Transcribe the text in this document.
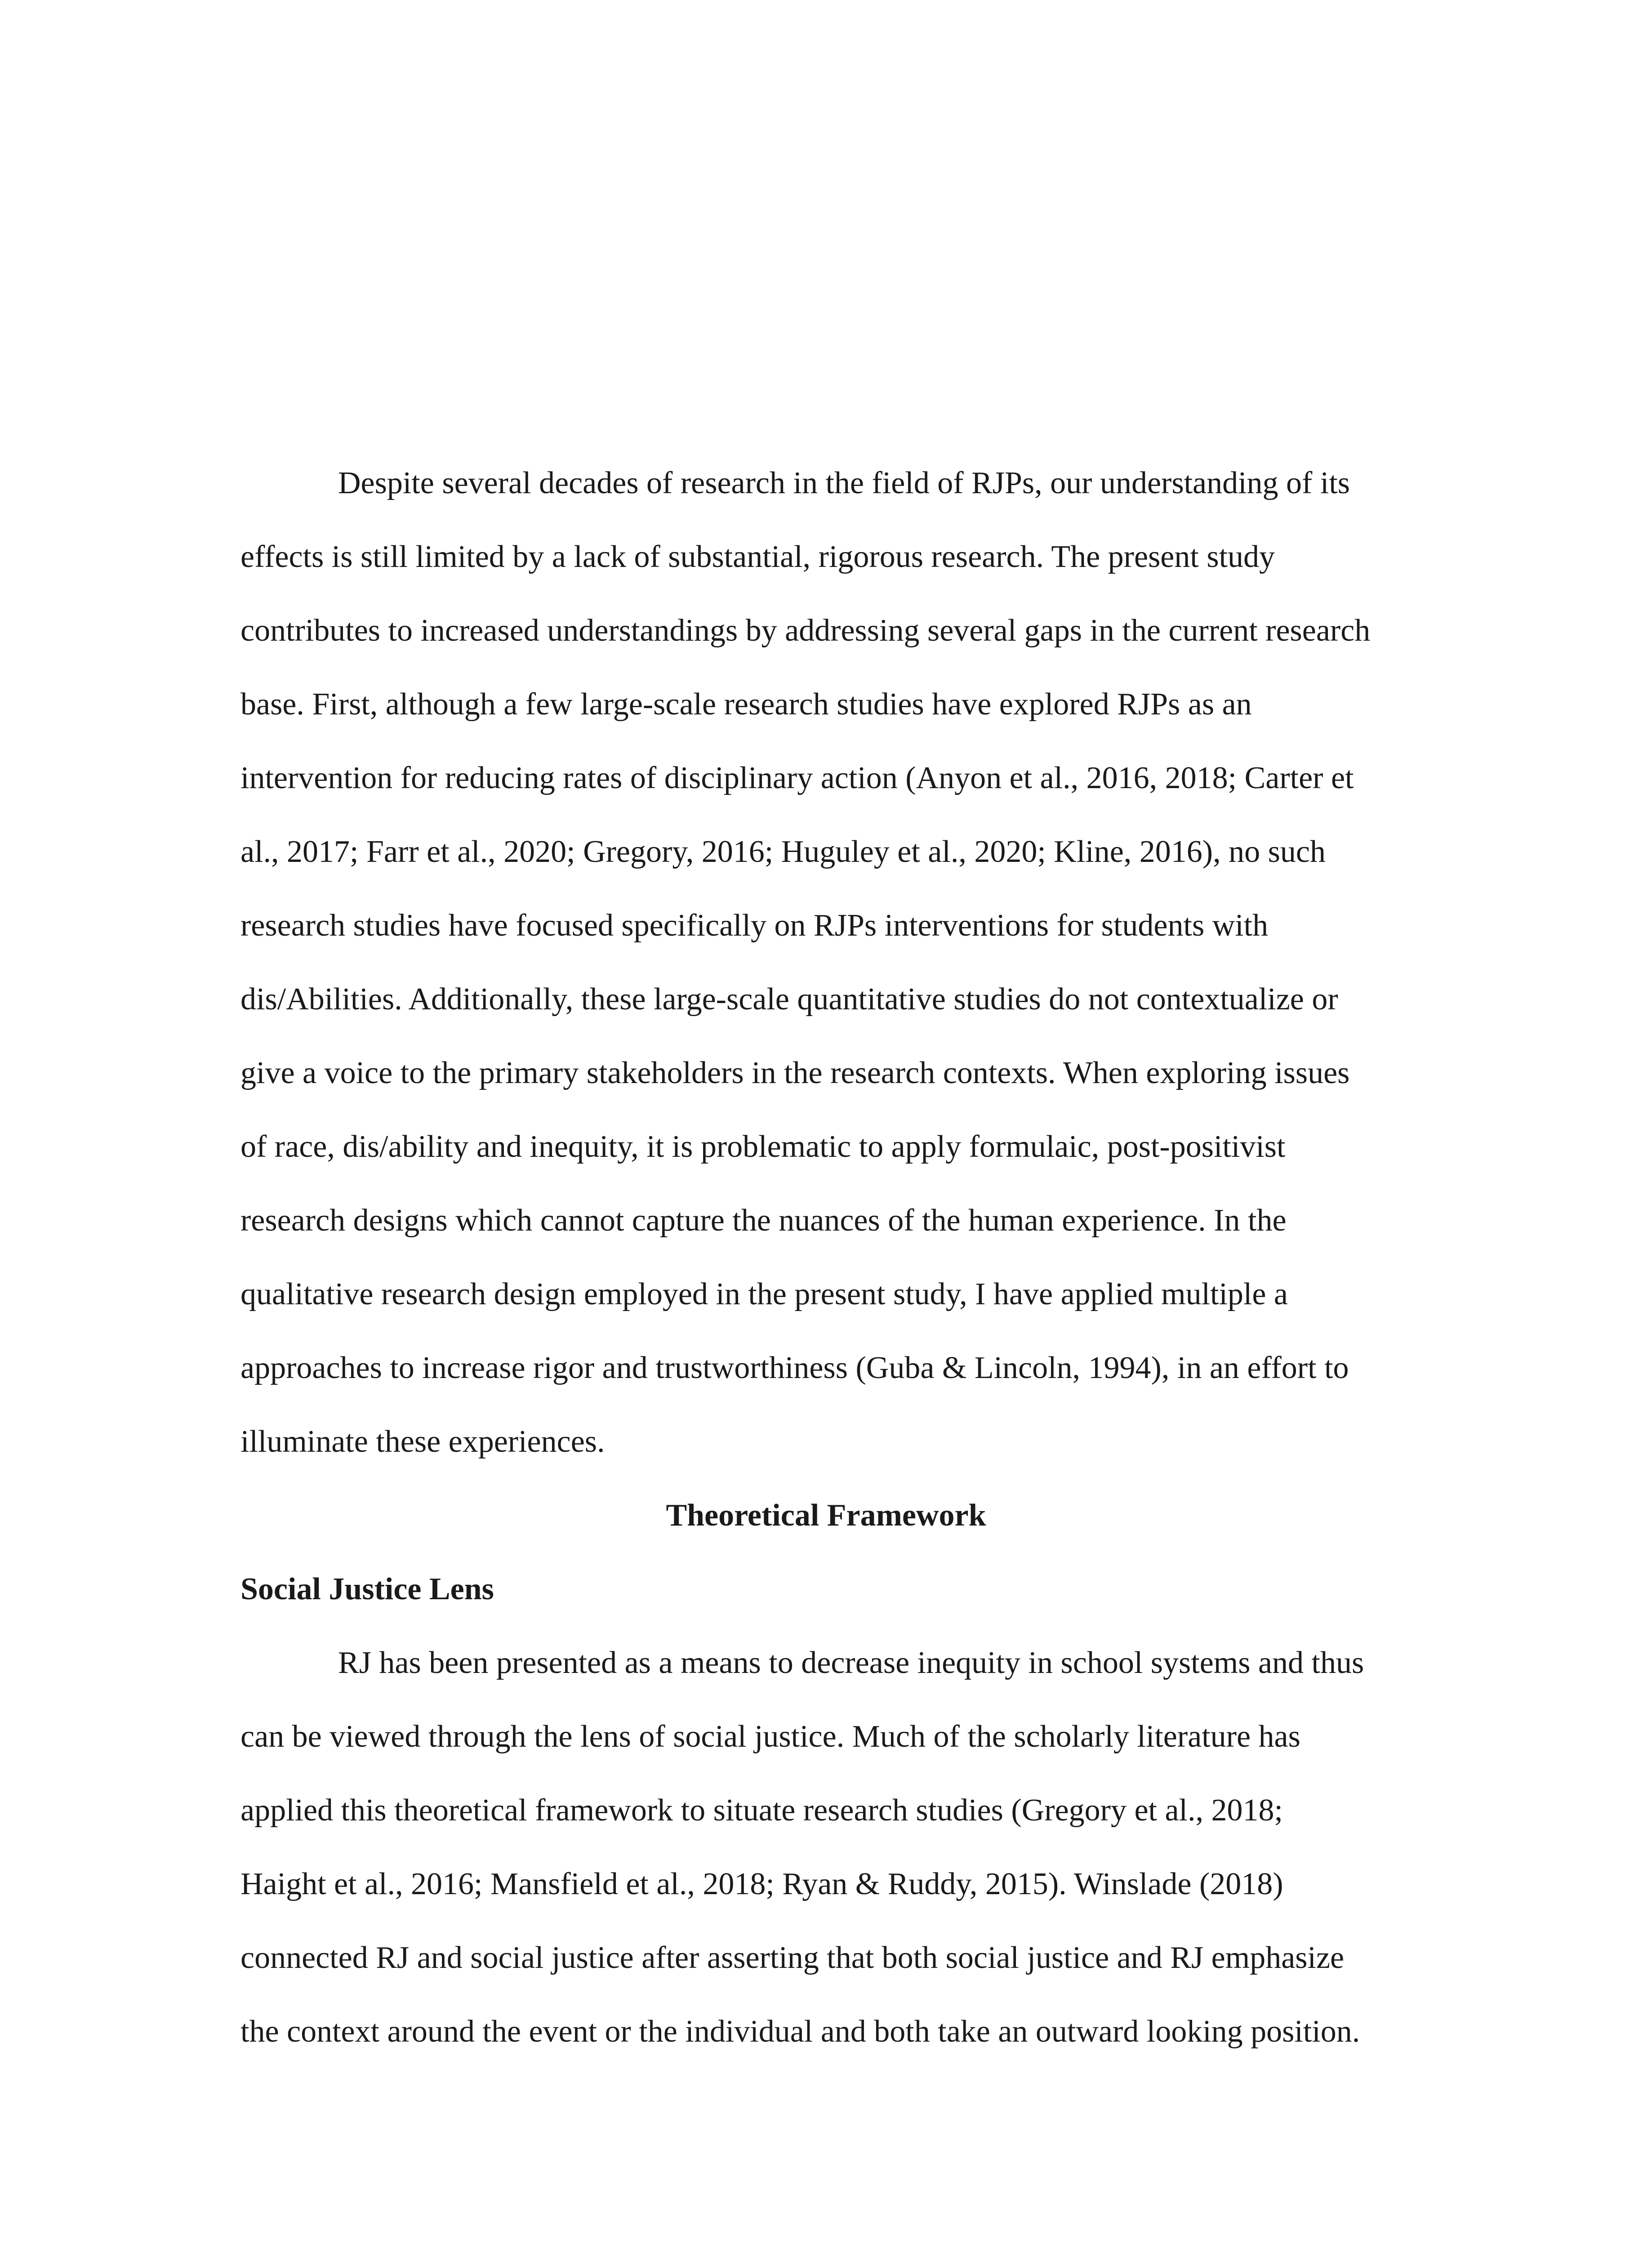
Despite several decades of research in the field of RJPs, our understanding of its
effects is still limited by a lack of substantial, rigorous research. The present study
contributes to increased understandings by addressing several gaps in the current research
base. First, although a few large-scale research studies have explored RJPs as an
intervention for reducing rates of disciplinary action (Anyon et al., 2016, 2018; Carter et
al., 2017; Farr et al., 2020; Gregory, 2016; Huguley et al., 2020; Kline, 2016), no such
research studies have focused specifically on RJPs interventions for students with
dis/Abilities. Additionally, these large-scale quantitative studies do not contextualize or
give a voice to the primary stakeholders in the research contexts. When exploring issues
of race, dis/ability and inequity, it is problematic to apply formulaic, post-positivist
research designs which cannot capture the nuances of the human experience. In the
qualitative research design employed in the present study, I have applied multiple a
approaches to increase rigor and trustworthiness (Guba & Lincoln, 1994), in an effort to
illuminate these experiences.
Theoretical Framework
Social Justice Lens
RJ has been presented as a means to decrease inequity in school systems and thus
can be viewed through the lens of social justice. Much of the scholarly literature has
applied this theoretical framework to situate research studies (Gregory et al., 2018;
Haight et al., 2016; Mansfield et al., 2018; Ryan & Ruddy, 2015). Winslade (2018)
connected RJ and social justice after asserting that both social justice and RJ emphasize
the context around the event or the individual and both take an outward looking position.
